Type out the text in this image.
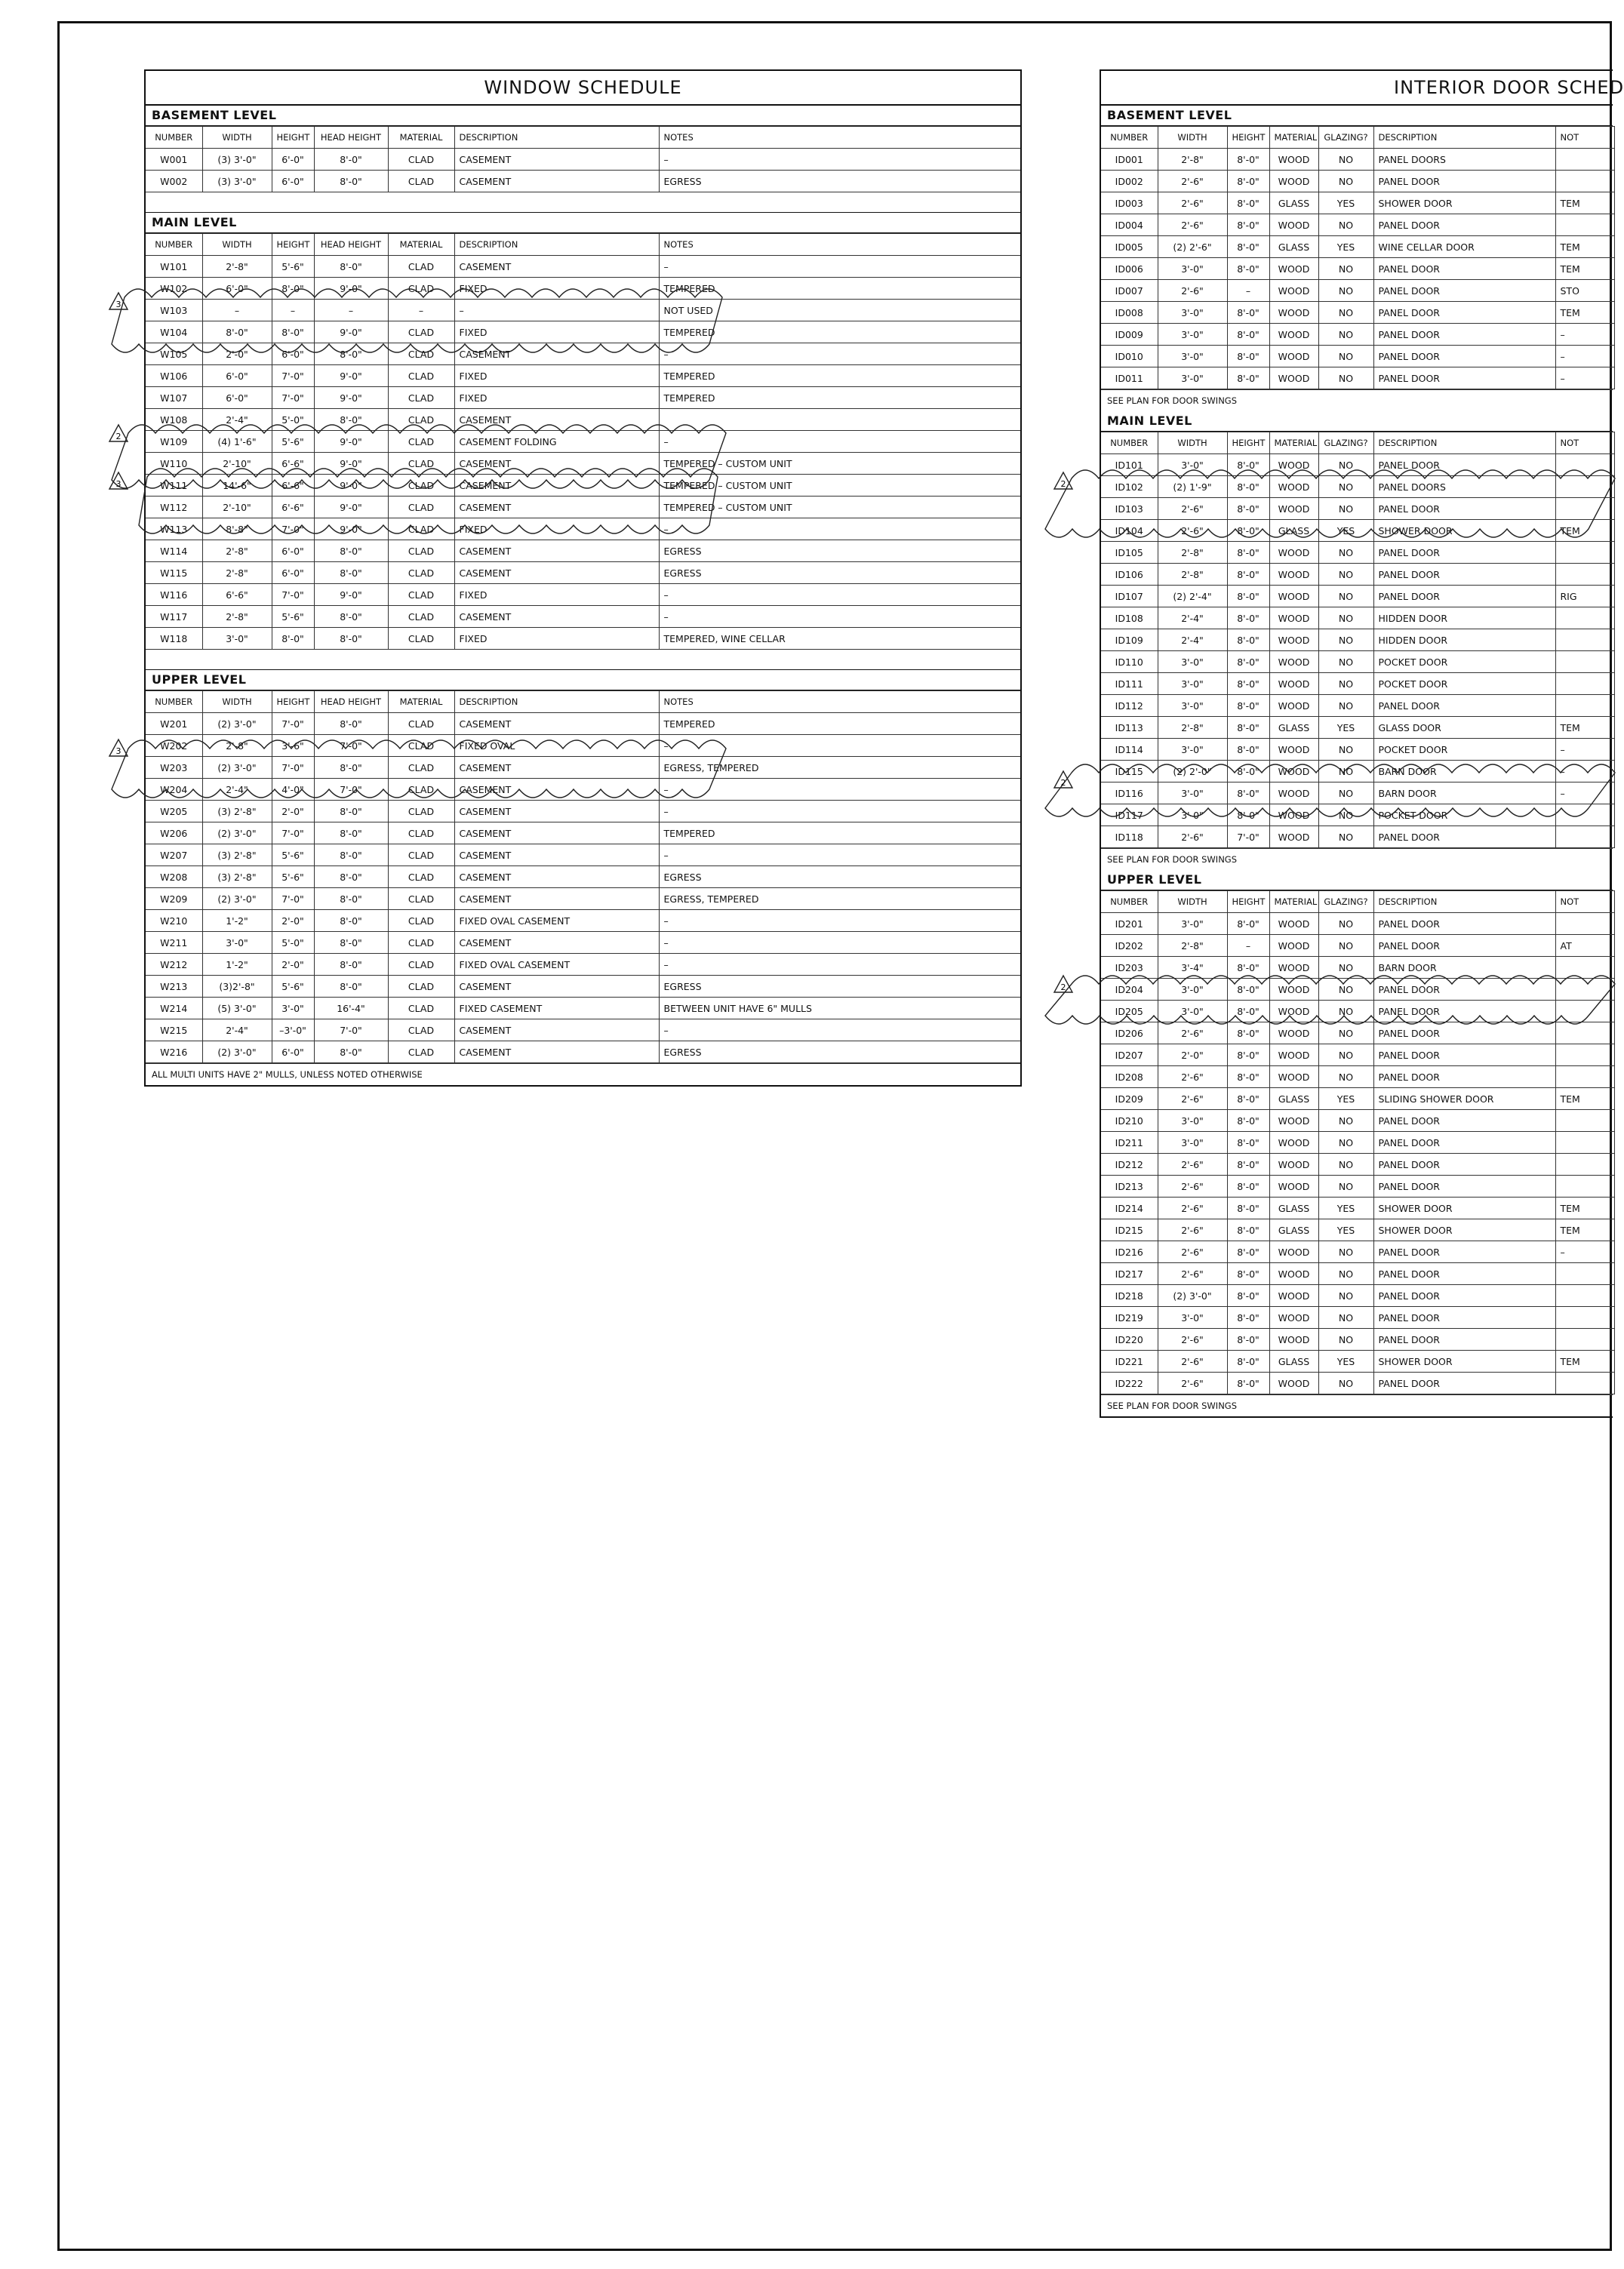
WINDOW SCHEDULE
BASEMENT LEVEL
NUMBER	WIDTH	HEIGHT	HEAD HEIGHT	MATERIAL	DESCRIPTION	NOTES
W001	(3) 3'-0"	6'-0"	8'-0"	CLAD	CASEMENT	–
W002	(3) 3'-0"	6'-0"	8'-0"	CLAD	CASEMENT	EGRESS
MAIN LEVEL
NUMBER	WIDTH	HEIGHT	HEAD HEIGHT	MATERIAL	DESCRIPTION	NOTES
W101	2'-8"	5'-6"	8'-0"	CLAD	CASEMENT	–
W102	6'-0"	8'-0"	9'-0"	CLAD	FIXED	TEMPERED
W103	–	–	–	–	–	NOT USED
W104	8'-0"	8'-0"	9'-0"	CLAD	FIXED	TEMPERED
W105	2'-0"	6'-0"	8'-0"	CLAD	CASEMENT	–
W106	6'-0"	7'-0"	9'-0"	CLAD	FIXED	TEMPERED
W107	6'-0"	7'-0"	9'-0"	CLAD	FIXED	TEMPERED
W108	2'-4"	5'-0"	8'-0"	CLAD	CASEMENT	
W109	(4) 1'-6"	5'-6"	9'-0"	CLAD	CASEMENT FOLDING	–
W110	2'-10"	6'-6"	9'-0"	CLAD	CASEMENT	TEMPERED – CUSTOM UNIT
W111	14'-6"	6'-6"	9'-0"	CLAD	CASEMENT	TEMPERED – CUSTOM UNIT
W112	2'-10"	6'-6"	9'-0"	CLAD	CASEMENT	TEMPERED – CUSTOM UNIT
W113	8'-8"	7'-0"	9'-0"	CLAD	FIXED	–
W114	2'-8"	6'-0"	8'-0"	CLAD	CASEMENT	EGRESS
W115	2'-8"	6'-0"	8'-0"	CLAD	CASEMENT	EGRESS
W116	6'-6"	7'-0"	9'-0"	CLAD	FIXED	–
W117	2'-8"	5'-6"	8'-0"	CLAD	CASEMENT	–
W118	3'-0"	8'-0"	8'-0"	CLAD	FIXED	TEMPERED, WINE CELLAR
UPPER LEVEL
NUMBER	WIDTH	HEIGHT	HEAD HEIGHT	MATERIAL	DESCRIPTION	NOTES
W201	(2) 3'-0"	7'-0"	8'-0"	CLAD	CASEMENT	TEMPERED
W202	2'-8"	3'-6"	7'-0"	CLAD	FIXED OVAL	–
W203	(2) 3'-0"	7'-0"	8'-0"	CLAD	CASEMENT	EGRESS, TEMPERED
W204	2'-4"	4'-0"	7'-0"	CLAD	CASEMENT	–
W205	(3) 2'-8"	2'-0"	8'-0"	CLAD	CASEMENT	–
W206	(2) 3'-0"	7'-0"	8'-0"	CLAD	CASEMENT	TEMPERED
W207	(3) 2'-8"	5'-6"	8'-0"	CLAD	CASEMENT	–
W208	(3) 2'-8"	5'-6"	8'-0"	CLAD	CASEMENT	EGRESS
W209	(2) 3'-0"	7'-0"	8'-0"	CLAD	CASEMENT	EGRESS, TEMPERED
W210	1'-2"	2'-0"	8'-0"	CLAD	FIXED OVAL CASEMENT	–
W211	3'-0"	5'-0"	8'-0"	CLAD	CASEMENT	–
W212	1'-2"	2'-0"	8'-0"	CLAD	FIXED OVAL CASEMENT	–
W213	(3)2'-8"	5'-6"	8'-0"	CLAD	CASEMENT	EGRESS
W214	(5) 3'-0"	3'-0"	16'-4"	CLAD	FIXED CASEMENT	BETWEEN UNIT HAVE 6" MULLS
W215	2'-4"	–3'-0"	7'-0"	CLAD	CASEMENT	–
W216	(2) 3'-0"	6'-0"	8'-0"	CLAD	CASEMENT	EGRESS
ALL MULTI UNITS HAVE 2" MULLS, UNLESS NOTED OTHERWISE
INTERIOR DOOR SCHED
BASEMENT LEVEL
NUMBER	WIDTH	HEIGHT	MATERIAL	GLAZING?	DESCRIPTION	NOT
ID001	2'-8"	8'-0"	WOOD	NO	PANEL DOORS	
ID002	2'-6"	8'-0"	WOOD	NO	PANEL DOOR	
ID003	2'-6"	8'-0"	GLASS	YES	SHOWER DOOR	TEM
ID004	2'-6"	8'-0"	WOOD	NO	PANEL DOOR	
ID005	(2) 2'-6"	8'-0"	GLASS	YES	WINE CELLAR DOOR	TEM
ID006	3'-0"	8'-0"	WOOD	NO	PANEL DOOR	TEM
ID007	2'-6"	–	WOOD	NO	PANEL DOOR	STO
ID008	3'-0"	8'-0"	WOOD	NO	PANEL DOOR	TEM
ID009	3'-0"	8'-0"	WOOD	NO	PANEL DOOR	–
ID010	3'-0"	8'-0"	WOOD	NO	PANEL DOOR	–
ID011	3'-0"	8'-0"	WOOD	NO	PANEL DOOR	–
SEE PLAN FOR DOOR SWINGS
MAIN LEVEL
NUMBER	WIDTH	HEIGHT	MATERIAL	GLAZING?	DESCRIPTION	NOT
ID101	3'-0"	8'-0"	WOOD	NO	PANEL DOOR	
ID102	(2) 1'-9"	8'-0"	WOOD	NO	PANEL DOORS	
ID103	2'-6"	8'-0"	WOOD	NO	PANEL DOOR	
ID104	2'-6"	8'-0"	GLASS	YES	SHOWER DOOR	TEM
ID105	2'-8"	8'-0"	WOOD	NO	PANEL DOOR	
ID106	2'-8"	8'-0"	WOOD	NO	PANEL DOOR	
ID107	(2) 2'-4"	8'-0"	WOOD	NO	PANEL DOOR	RIG
ID108	2'-4"	8'-0"	WOOD	NO	HIDDEN DOOR	
ID109	2'-4"	8'-0"	WOOD	NO	HIDDEN DOOR	
ID110	3'-0"	8'-0"	WOOD	NO	POCKET DOOR	
ID111	3'-0"	8'-0"	WOOD	NO	POCKET DOOR	
ID112	3'-0"	8'-0"	WOOD	NO	PANEL DOOR	
ID113	2'-8"	8'-0"	GLASS	YES	GLASS DOOR	TEM
ID114	3'-0"	8'-0"	WOOD	NO	POCKET DOOR	–
ID115	(2) 2'-0"	8'-0"	WOOD	NO	BARN DOOR	–
ID116	3'-0"	8'-0"	WOOD	NO	BARN DOOR	–
ID117	3'-0"	8'-0"	WOOD	NO	POCKET DOOR	
ID118	2'-6"	7'-0"	WOOD	NO	PANEL DOOR	
SEE PLAN FOR DOOR SWINGS
UPPER LEVEL
NUMBER	WIDTH	HEIGHT	MATERIAL	GLAZING?	DESCRIPTION	NOT
ID201	3'-0"	8'-0"	WOOD	NO	PANEL DOOR	
ID202	2'-8"	–	WOOD	NO	PANEL DOOR	AT
ID203	3'-4"	8'-0"	WOOD	NO	BARN DOOR	
ID204	3'-0"	8'-0"	WOOD	NO	PANEL DOOR	
ID205	3'-0"	8'-0"	WOOD	NO	PANEL DOOR	
ID206	2'-6"	8'-0"	WOOD	NO	PANEL DOOR	
ID207	2'-0"	8'-0"	WOOD	NO	PANEL DOOR	
ID208	2'-6"	8'-0"	WOOD	NO	PANEL DOOR	
ID209	2'-6"	8'-0"	GLASS	YES	SLIDING SHOWER DOOR	TEM
ID210	3'-0"	8'-0"	WOOD	NO	PANEL DOOR	
ID211	3'-0"	8'-0"	WOOD	NO	PANEL DOOR	
ID212	2'-6"	8'-0"	WOOD	NO	PANEL DOOR	
ID213	2'-6"	8'-0"	WOOD	NO	PANEL DOOR	
ID214	2'-6"	8'-0"	GLASS	YES	SHOWER DOOR	TEM
ID215	2'-6"	8'-0"	GLASS	YES	SHOWER DOOR	TEM
ID216	2'-6"	8'-0"	WOOD	NO	PANEL DOOR	–
ID217	2'-6"	8'-0"	WOOD	NO	PANEL DOOR	
ID218	(2) 3'-0"	8'-0"	WOOD	NO	PANEL DOOR	
ID219	3'-0"	8'-0"	WOOD	NO	PANEL DOOR	
ID220	2'-6"	8'-0"	WOOD	NO	PANEL DOOR	
ID221	2'-6"	8'-0"	GLASS	YES	SHOWER DOOR	TEM
ID222	2'-6"	8'-0"	WOOD	NO	PANEL DOOR	
SEE PLAN FOR DOOR SWINGS
3
2
3
3
2
2
2
